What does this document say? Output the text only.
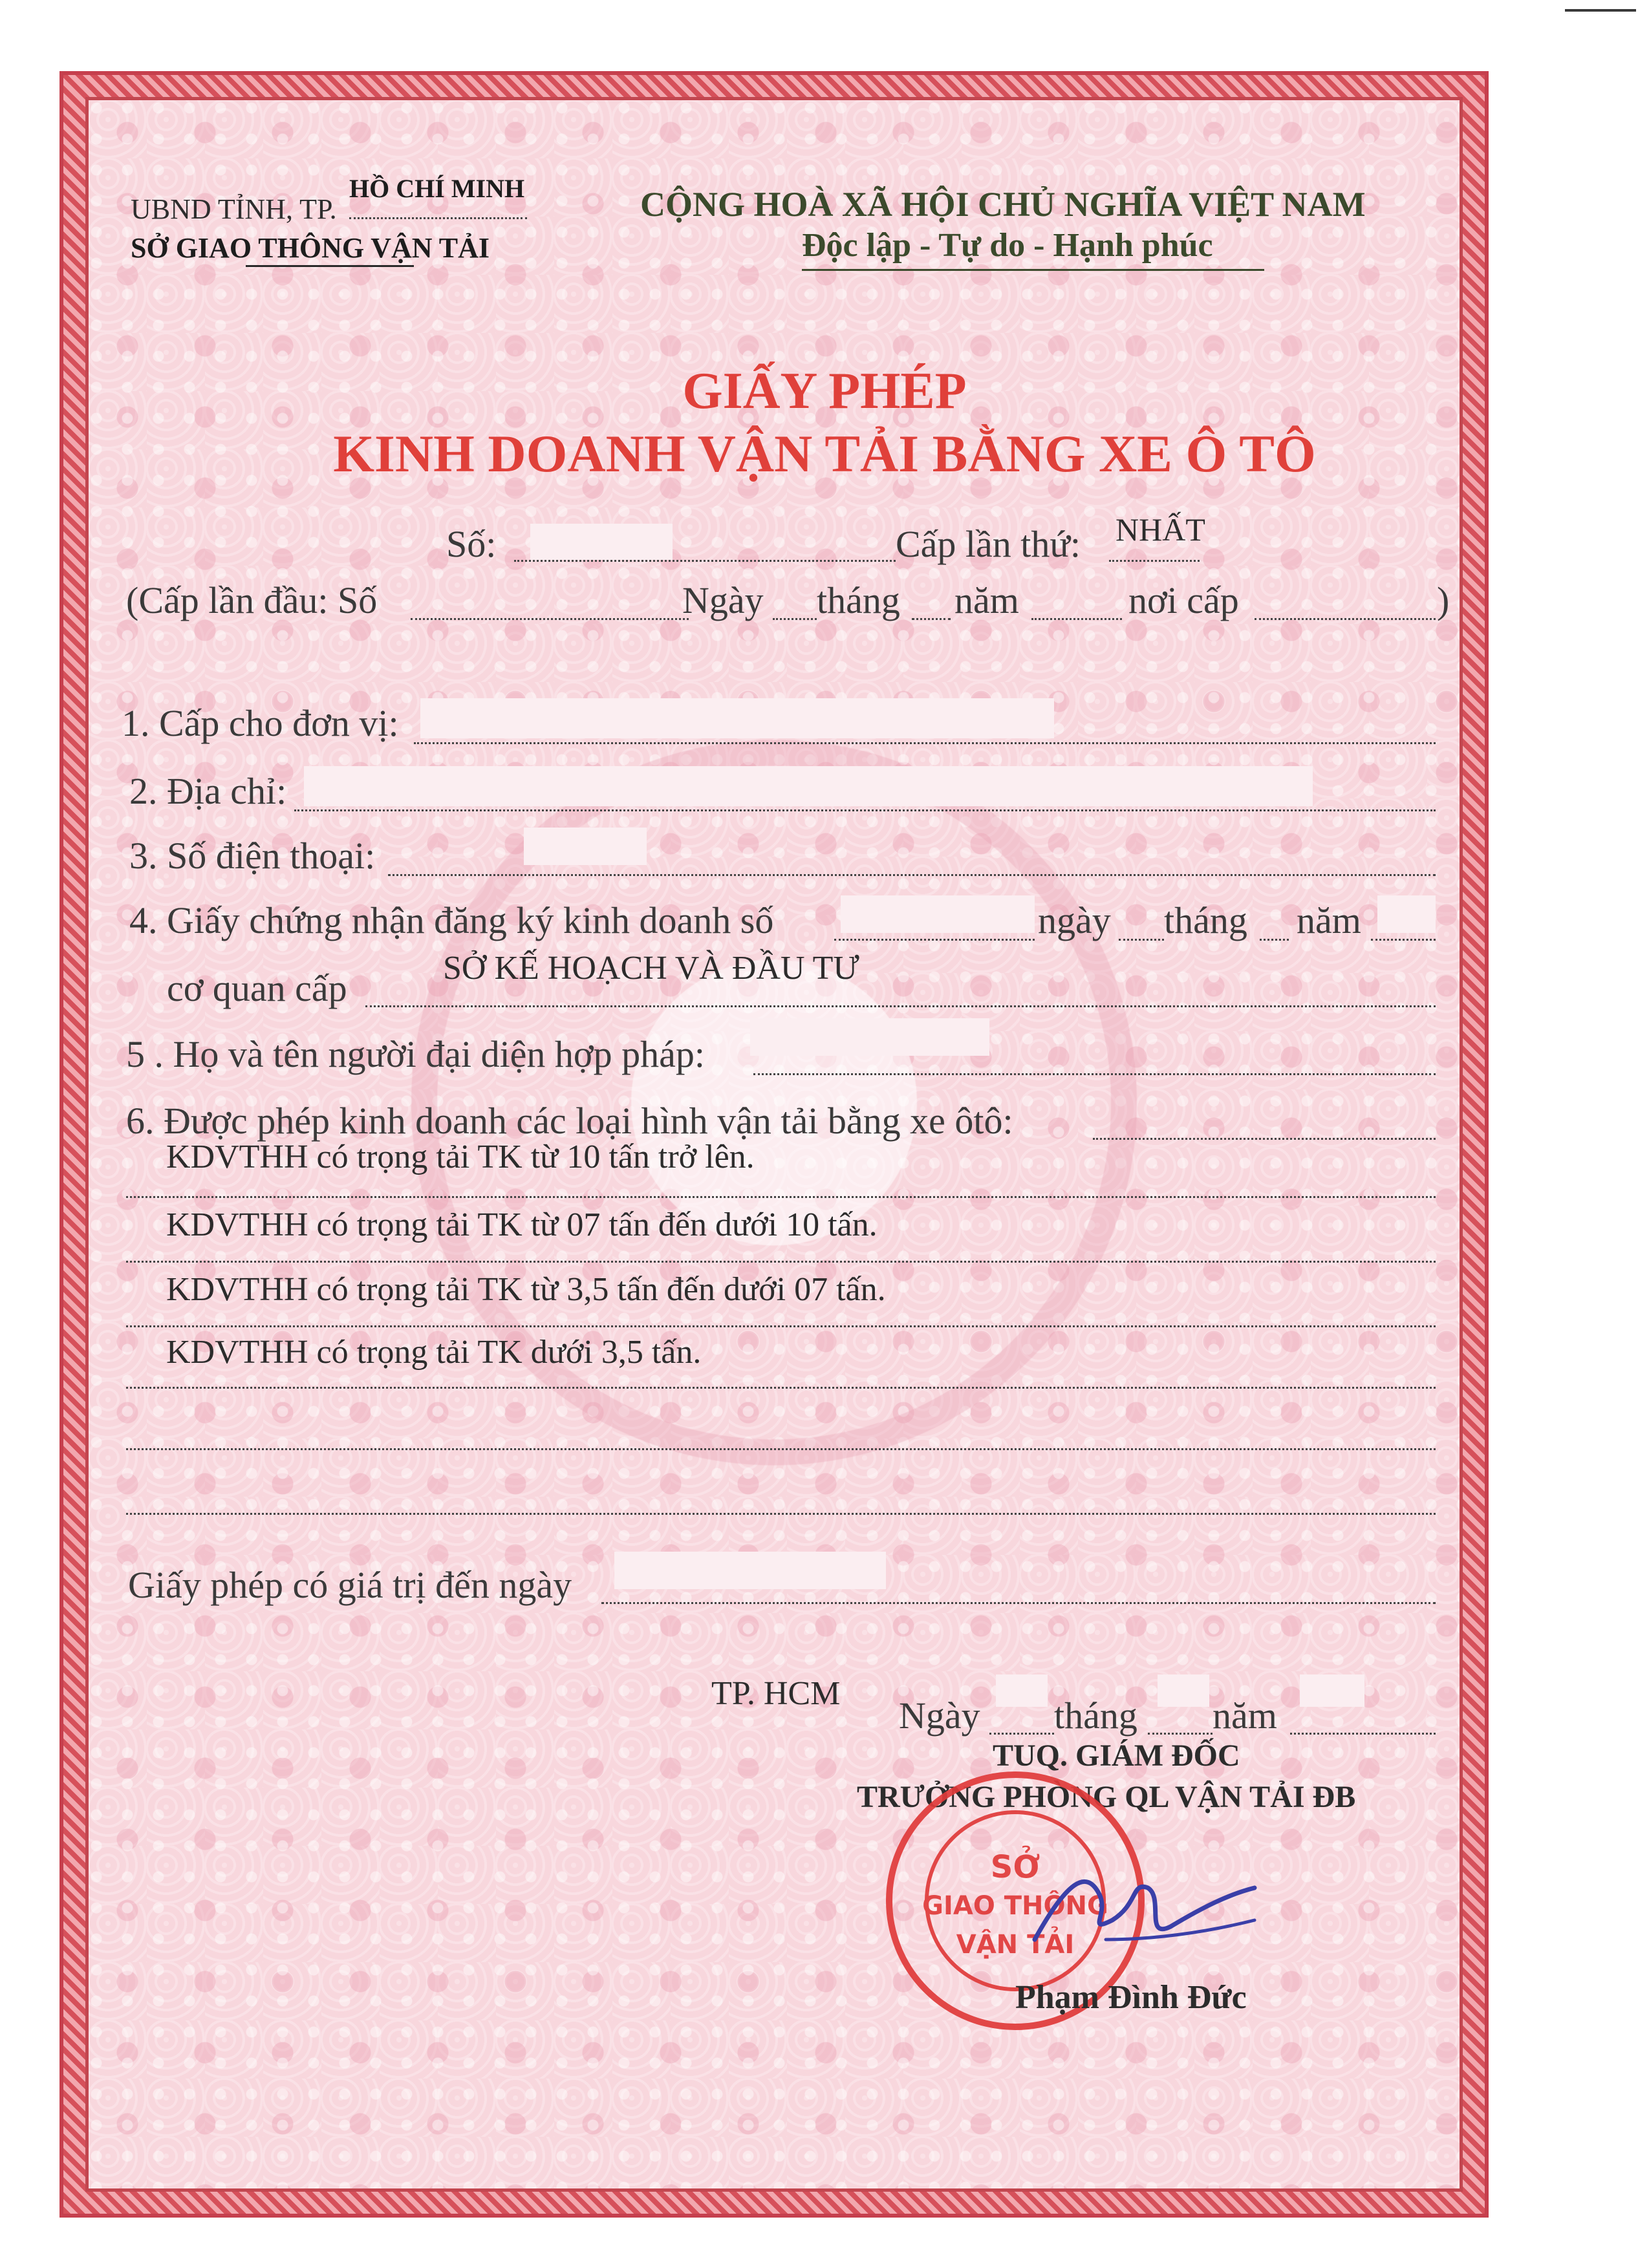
UBND TỈNH, TP.
HỒ CHÍ MINH
SỞ GIAO THÔNG VẬN TẢI
CỘNG HOÀ XÃ HỘI CHỦ NGHĨA VIỆT NAM
Độc lập - Tự do - Hạnh phúc
GIẤY PHÉP
KINH DOANH VẬN TẢI BẰNG XE Ô TÔ
Số:	Cấp lần thứ: NHẤT
(Cấp lần đầu: Số	Ngày tháng năm	nơi cấp	)
1. Cấp cho đơn vị:
2. Địa chỉ:
3. Số điện thoại:
4. Giấy chứng nhận đăng ký kinh doanh số	ngày tháng năm
cơ quan cấp	SỞ KẾ HOẠCH VÀ ĐẦU TƯ
5 . Họ và tên người đại diện hợp pháp:
6. Được phép kinh doanh các loại hình vận tải bằng xe ôtô:
KDVTHH có trọng tải TK từ 10 tấn trở lên.
KDVTHH có trọng tải TK từ 07 tấn đến dưới 10 tấn.
KDVTHH có trọng tải TK từ 3,5 tấn đến dưới 07 tấn.
KDVTHH có trọng tải TK dưới 3,5 tấn.
Giấy phép có giá trị đến ngày
TP. HCM
Ngày tháng năm
TUQ. GIÁM ĐỐC
TRƯỞNG PHÒNG QL VẬN TẢI ĐB
SỞ
GIAO THÔNG
VẬN TẢI
Phạm Đình Đức
